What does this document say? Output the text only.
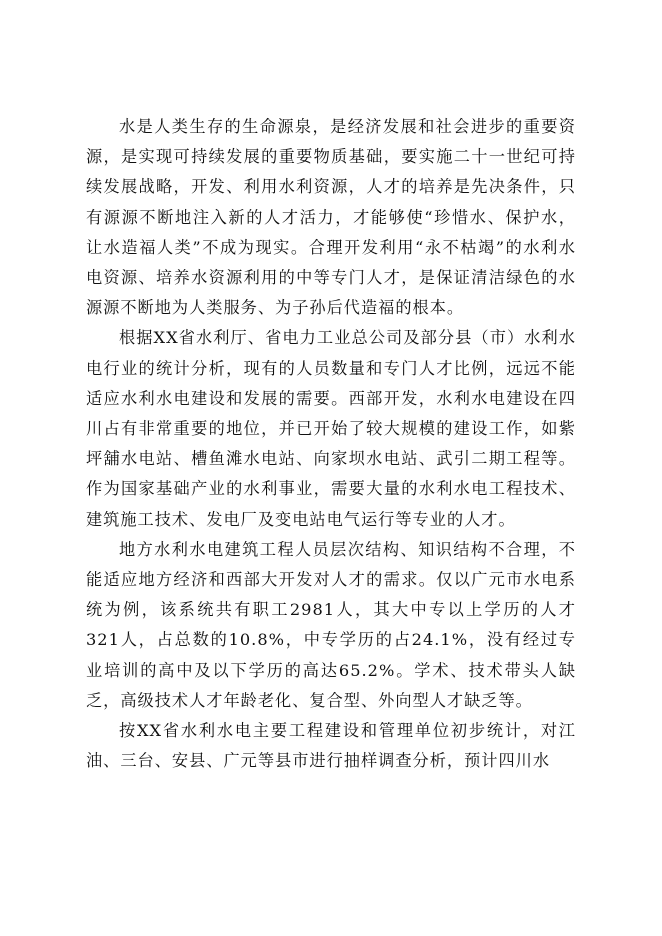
水是人类生存的生命源泉，是经济发展和社会进步的重要资源，是实现可持续发展的重要物质基础，要实施二十一世纪可持续发展战略，开发、利用水利资源，人才的培养是先决条件，只有源源不断地注入新的人才活力，才能够使“珍惜水、保护水，让水造福人类”不成为现实。合理开发利用“永不枯竭”的水利水电资源、培养水资源利用的中等专门人才，是保证清洁绿色的水源源不断地为人类服务、为子孙后代造福的根本。

根据XX省水利厅、省电力工业总公司及部分县（市）水利水电行业的统计分析，现有的人员数量和专门人才比例，远远不能适应水利水电建设和发展的需要。西部开发，水利水电建设在四川占有非常重要的地位，并已开始了较大规模的建设工作，如紫坪舖水电站、槽鱼滩水电站、向家坝水电站、武引二期工程等。作为国家基础产业的水利事业，需要大量的水利水电工程技术、建筑施工技术、发电厂及变电站电气运行等专业的人才。

地方水利水电建筑工程人员层次结构、知识结构不合理，不能适应地方经济和西部大开发对人才的需求。仅以广元市水电系统为例，该系统共有职工2981人，其大中专以上学历的人才321人，占总数的10.8%，中专学历的占24.1%，没有经过专业培训的高中及以下学历的高达65.2%。学术、技术带头人缺乏，高级技术人才年龄老化、复合型、外向型人才缺乏等。

按XX省水利水电主要工程建设和管理单位初步统计，对江油、三台、安县、广元等县市进行抽样调查分析，预计四川水
